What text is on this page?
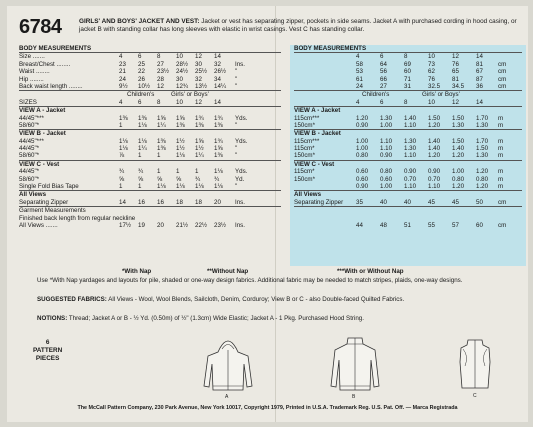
6784	GIRLS' AND BOYS' JACKET AND VEST: Jacket or vest has separating zipper, pockets in side seams. Jacket A with purchased cording in hood casing, or jacket B with standing collar has long sleeves with elastic in wrist casings. Vest C has standing collar.
BODY MEASUREMENTS
Size .......	4	6	8	10 12 14
Breast/Chest ........	23 25 27 28½ 30 32 Ins.
Waist ........	21 22 23½ 24½ 25½ 26½ "
Hip ........	24 26 28 30 32 34 "
Back waist length ........	9½ 10½ 12 12¾ 13½ 14¼ "
Children's	Girls' or Boys'
SIZES	4	6	8	10 12 14
VIEW A - Jacket
44/45"***	1⅜ 1⅜ 1⅝ 1⅝ 1¾ 1¾ Yds.
58/60"*	1	1⅛ 1¼ 1⅜ 1⅜ 1⅜ "
VIEW B - Jacket
44/45"***	1⅛ 1⅛ 1⅜ 1½ 1⅝ 1¾ Yds.
44/45"*	1⅛ 1¼ 1⅜ 1½ 1½ 1⅝ "
58/60"*	⅞ 1	1	1⅛ 1¼ 1⅜ "
VIEW C - Vest
44/45"*	¾ ¾ 1	1	1	1⅛ Yds.
58/60"*	⅝ ⅝ ⅝ ⅝ ¾ ¾	Yd.
Single Fold Bias Tape	1	1	1⅛ 1⅛ 1⅛ 1⅛ "
All Views
Separating Zipper	14 16 16 18 18 20 Ins.
Garment Measurements
Finished back length from regular neckline
All Views .......	17½ 19 20 21½ 22½ 23½ Ins.
BODY MEASUREMENTS
4	6	8	10	12	14
58	64	69	73	76	81 cm
53	56	60	62	65	67 cm
61	66	71	76	81	87 cm
24	27	31	32.5 34.5 36 cm
Children's	Girls' or Boys'
4	6	8	10	12	14
VIEW A - Jacket
115cm***	1.20 1.30 1.40 1.50 1.50 1.70 m
150cm*	0.90 1.00 1.10 1.20 1.30 1.30 m
VIEW B - Jacket
115cm***	1.00 1.10 1.30 1.40 1.50 1.70 m
115cm*	1.00 1.10 1.30 1.40 1.40 1.50 m
150cm*	0.80 0.90 1.10 1.20 1.20 1.30 m
VIEW C - Vest
115cm*	0.60 0.80 0.90 0.90 1.00 1.20 m
150cm*	0.60 0.60 0.70 0.70 0.80 0.80 m
0.90 1.00 1.10 1.10 1.20 1.20 m
All Views
Separating Zipper 35	40	40	45	45	50 cm
44	48	51	55	57	60 cm
*With Nap	**Without Nap	***With or Without Nap
Use *With Nap yardages and layouts for pile, shaded or one-way design fabrics. Additional fabric may be needed to match stripes, plaids, one-way designs.
SUGGESTED FABRICS: All Views - Wool, Wool Blends, Sailcloth, Denim, Corduroy; View B or C - also Double-faced Quilted Fabrics.
NOTIONS: Thread; Jacket A or B - ½ Yd. (0.50m) of ½" (1.3cm) Wide Elastic; Jacket A - 1 Pkg. Purchased Hood String.
6
PATTERN
PIECES
A	B	C
The McCall Pattern Company, 230 Park Avenue, New York 10017, Copyright 1979, Printed in U.S.A. Trademark Reg. U.S. Pat. Off. — Marca Registrada
